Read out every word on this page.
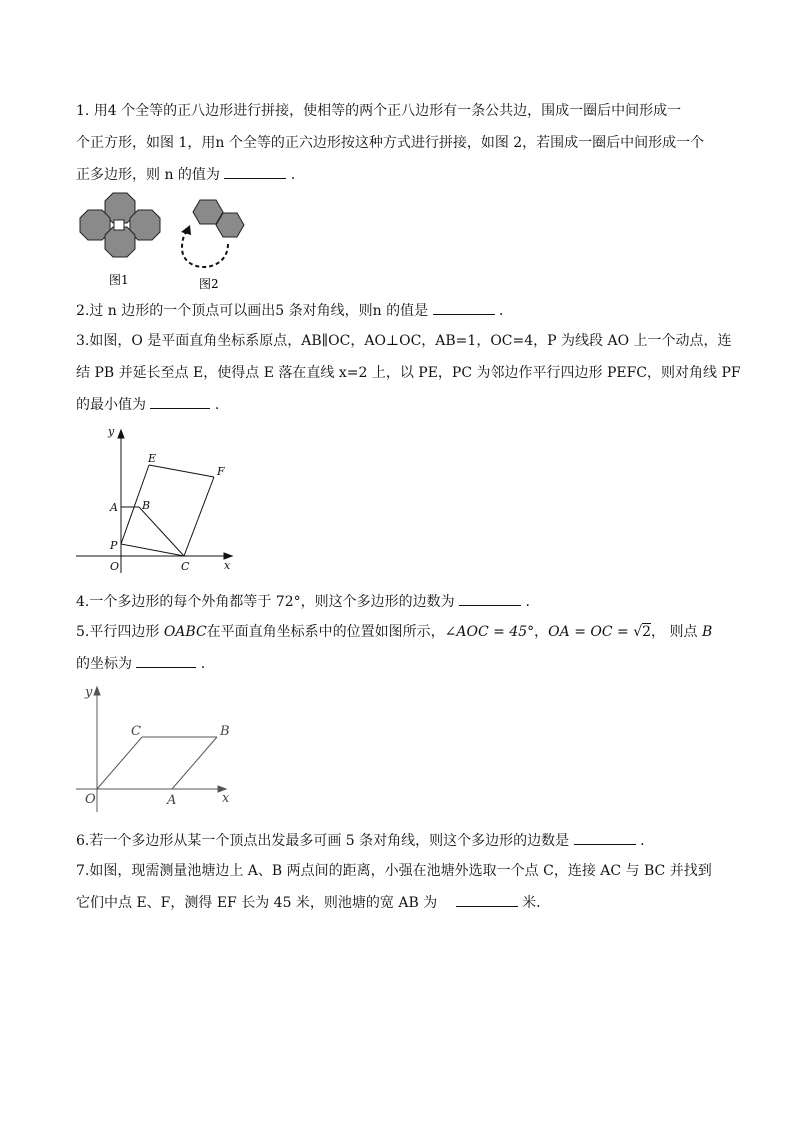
1. 用4 个全等的正八边形进行拼接，使相等的两个正八边形有一条公共边，围成一圈后中间形成一
个正方形，如图 1，用n 个全等的正六边形按这种方式进行拼接，如图 2，若围成一圈后中间形成一个
正多边形，则 n 的值为	．
图1	图2
2.过 n 边形的一个顶点可以画出5 条对角线，则n 的值是	．
3.如图，O 是平面直角坐标系原点，AB∥OC，AO⊥OC，AB=1，OC=4，P 为线段 AO 上一个动点，连
结 PB 并延长至点 E，使得点 E 落在直线 x=2 上，以 PE，PC 为邻边作平行四边形 PEFC，则对角线 PF
的最小值为	.
y
x
O
A B
P
C
E
F
4.一个多边形的每个外角都等于 72°，则这个多边形的边数为	.
5.平行四边形 OABC在平面直角坐标系中的位置如图所示，∠AOC = 45°，OA = OC = √2， 则点 B
的坐标为	．
y
x
O	A
C	B
6.若一个多边形从某一个顶点出发最多可画 5 条对角线，则这个多边形的边数是	．
7.如图，现需测量池塘边上 A、B 两点间的距离，小强在池塘外选取一个点 C，连接 AC 与 BC 并找到
它们中点 E、F，测得 EF 长为 45 米，则池塘的宽 AB 为	米．
